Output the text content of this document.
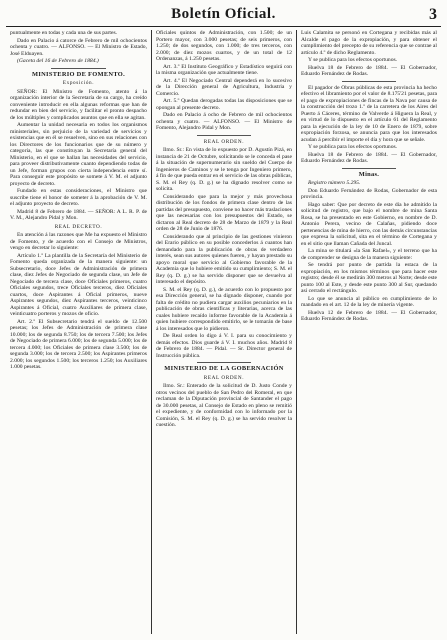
Boletín Oficial.	3

puntualmente en todas y cada una de sus partes.

Dado en Palacio á catorce de Febrero de mil ochocientos ochenta y cuatro. — ALFONSO. — El Ministro de Estado, José Elduayen.

(Gaceta del 16 de Febrero de 1884.)

MINISTERIO DE FOMENTO.
Exposición.

SEÑOR: El Ministro de Fomento, atento á la organización interior de la Secretaría de su cargo, ha creído conveniente introducir en ella algunas reformas que han de redundar en bien del servicio, y facilitar el pronto despacho de los múltiples y complicados asuntos que en ella se agitan.

Aumentar la unidad necesaria en todos los organismos ministeriales, sin perjuicio de la variedad de servicios y existencias que en él se resuelven, sino en sus relaciones con los Directores de los funcionarios que de su número y categoría, las que constituyan la Secretaría general del Ministerio, en el que se hallan las necesidades del servicio, para proveer distributivamente cuanto dependiendo todas de un Jefe, forman grupos con cierta independencia entre sí. Para conseguir este propósito se somete á V. M. el adjunto proyecto de decreto.

Fundado en estas consideraciones, el Ministro que suscribe tiene el honor de someter á la aprobación de V. M. el adjunto proyecto de decreto.

Madrid 8 de Febrero de 1884. — SEÑOR: A L. R. P. de V. M., Alejandro Pidal y Mon.

REAL DECRETO.

En atención á las razones que Me ha expuesto el Ministro de Fomento, y de acuerdo con el Consejo de Ministros, vengo en decretar lo siguiente:

Artículo 1.º La plantilla de la Secretaría del Ministerio de Fomento queda organizada de la manera siguiente: un Subsecretario, doce Jefes de Administración de primera clase, diez Jefes de Negociado de segunda clase, un Jefe de Negociado de tercera clase, doce Oficiales primeros, cuatro Oficiales segundos, trece Oficiales terceros, diez Oficiales cuartos, doce Aspirantes á Oficial primeros, nueve Aspirantes segundos, diez Aspirantes terceros, veinticinco Aspirantes á Oficial, cuatro Auxiliares de primera clase, veinticuatro porteros y mozos de oficio.

Art. 2.º El Subsecretario tendrá el sueldo de 12.500 pesetas; los Jefes de Administración de primera clase 10.000; los de segunda 8.750; los de tercera 7.500; los Jefes de Negociado de primera 6.000; los de segunda 5.000; los de tercera 4.000; los Oficiales de primera clase 3.500; los de segunda 3.000; los de tercera 2.500; los Aspirantes primeros 2.000; los segundos 1.500; los terceros 1.250; los Auxiliares 1.000 pesetas.

Oficiales quintos de Administración, con 1.500; de un Portero mayor, con 3.000 pesetas; de seis primeros, con 1.250; de dos segundos, con 1.000; de tres terceros, con 2.000; de diez mozos cuartos, y de un total de 12 Ordenanzas, á 1.250 pesetas.

Art. 3.º El Instituto Geográfico y Estadístico seguirá con la misma organización que actualmente tiene.

Art. 4.º El Negociado Central dependerá en lo sucesivo de la Dirección general de Agricultura, Industria y Comercio.

Art. 5.º Quedan derogadas todas las disposiciones que se opongan al presente decreto.

Dado en Palacio á ocho de Febrero de mil ochocientos ochenta y cuatro. — ALFONSO. — El Ministro de Fomento, Alejandro Pidal y Mon.

REAL ORDEN.

Ilmo. Sr.: En vista de lo expuesto por D. Agustín Pizá, en instancia de 21 de Octubre, solicitando se le conceda el pase á la situación de supernumerario sin sueldo del Cuerpo de Ingenieros de Caminos y se le tenga por Ingeniero primero, á fin de que pueda entrar en el servicio de las obras públicas, S. M. el Rey (q. D. g.) se ha dignado resolver como se solicita.

Considerando que para la mejor y más provechosa distribución de los fondos de primera clase dentro de las partidas del presupuesto, conviene no hacer más traslaciones que las necesarias con los presupuestos del Estado, se dictaron al Real decreto de 28 de Marzo de 1879 y la Real orden de 28 de Junio de 1876.

Considerando que al principio de las gestiones vinieron del Erario público en su posible concederlos á cuantos han demandado para la publicación de obras de verdadero interés, sean sus autores quienes fueren, y hayan prestado su apoyo moral que servicio al Gobierno favorable de la Academia que lo hubiere emitido su cumplimiento; S. M. el Rey (q. D. g.) se ha servido disponer que se devuelva al interesado el depósito.

S. M. el Rey (q. D. g.), de acuerdo con lo propuesto por esa Dirección general, se ha dignado disponer, cuando por falta de crédito no pudiera cargar auxilios pecuniarios en la publicación de obras científicas y literarias, acerca de las cuales hubiere recaído informe favorable de la Academia á quien hubiere correspondido emitirlo, se le tomarán de base á los interesados que lo pidieron.

De Real orden lo digo á V. I. para su conocimiento y demás efectos. Dios guarde á V. I. muchos años. Madrid 8 de Febrero de 1884. — Pidal. — Sr. Director general de Instrucción pública.

MINISTERIO DE LA GOBERNACIÓN
REAL ORDEN.

Ilmo. Sr.: Enterado de la solicitud de D. Justo Conde y otros vecinos del pueblo de San Pedro del Romeral, en que reclaman de la Diputación provincial de Santander el pago de 30.000 pesetas, al Consejo de Estado en pleno se remitió el expediente, y de conformidad con lo informado por la Comisión, S. M. el Rey (q. D. g.) se ha servido resolver la cuestión.

Luis Calamita se personó en Cortegana y recibidas más al Alcalde el pago de la expropiación, y para obtener el cumplimiento del precepto de su referencia que se contrae al artículo 4.º de dicho Reglamento.

Y se publica para los efectos oportunos.

Huelva 18 de Febrero de 1884. — El Gobernador, Eduardo Fernández de Rodas.

El pagador de Obras públicas de esta provincia ha hecho efectivo el libramiento por el valor de 8.175'21 pesetas, para el pago de expropiaciones de fincas de la Nava por causa de la construcción del trozo 1.º de la carretera de los Aires del Puerto á Cáceres, término de Valverde á Higuera la Real, y en virtud de lo dispuesto en el artículo 61 del Reglamento para la ejecución de la ley de 10 de Enero de 1879, sobre expropiación forzosa, se anuncia para que los interesados acudan á percibir el importe el día y hora que se señale.

Y se publica para los efectos oportunos.

Huelva 18 de Febrero de 1884. — El Gobernador, Eduardo Fernández de Rodas.

Minas.

Registro número 5.295.

Don Eduardo Fernández de Rodas, Gobernador de esta provincia.

Hago saber: Que por decreto de este día he admitido la solicitud de registro, que bajo el nombre de mina Santa Rosa, se ha presentado en este Gobierno, en nombre de D. Antonio Perera, vecino de Calañas, pidiendo doce pertenencias de mina de hierro, con las demás circunstancias que expresa la solicitud, sita en el término de Cortegana y en el sitio que llaman Cañada del Juncal.

La mina se titulará «la San Rafael», y el terreno que ha de comprender se designa de la manera siguiente:

Se tendrá por punto de partida la estaca de la expropiación, en los mismos términos que para hacer este registro; desde él se medirán 300 metros al Norte; desde este punto 100 al Este, y desde este punto 300 al Sur, quedando así cerrado el rectángulo.

Lo que se anuncia al público en cumplimiento de lo mandado en el art. 12 de la ley de minería vigente.

Huelva 12 de Febrero de 1884. — El Gobernador, Eduardo Fernández de Rodas.
